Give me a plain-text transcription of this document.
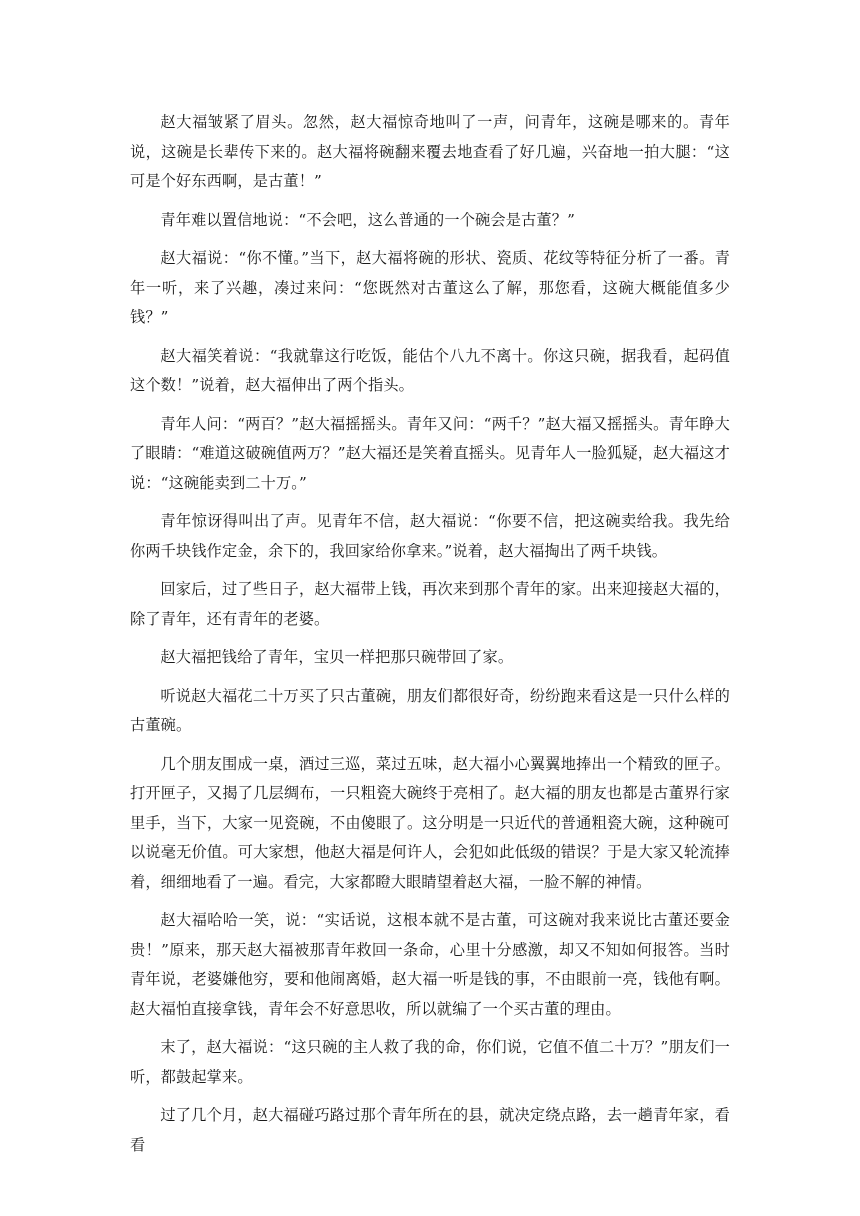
赵大福皱紧了眉头。忽然，赵大福惊奇地叫了一声，问青年，这碗是哪来的。青年说，这碗是长辈传下来的。赵大福将碗翻来覆去地查看了好几遍，兴奋地一拍大腿：“这可是个好东西啊，是古董！”

青年难以置信地说：“不会吧，这么普通的一个碗会是古董？”

赵大福说：“你不懂。”当下，赵大福将碗的形状、瓷质、花纹等特征分析了一番。青年一听，来了兴趣，凑过来问：“您既然对古董这么了解，那您看，这碗大概能值多少钱？”

赵大福笑着说：“我就靠这行吃饭，能估个八九不离十。你这只碗，据我看，起码值这个数！”说着，赵大福伸出了两个指头。

青年人问：“两百？”赵大福摇摇头。青年又问：“两千？”赵大福又摇摇头。青年睁大了眼睛：“难道这破碗值两万？”赵大福还是笑着直摇头。见青年人一脸狐疑，赵大福这才说：“这碗能卖到二十万。”

青年惊讶得叫出了声。见青年不信，赵大福说：“你要不信，把这碗卖给我。我先给你两千块钱作定金，余下的，我回家给你拿来。”说着，赵大福掏出了两千块钱。

回家后，过了些日子，赵大福带上钱，再次来到那个青年的家。出来迎接赵大福的，除了青年，还有青年的老婆。

赵大福把钱给了青年，宝贝一样把那只碗带回了家。

听说赵大福花二十万买了只古董碗，朋友们都很好奇，纷纷跑来看这是一只什么样的古董碗。

几个朋友围成一桌，酒过三巡，菜过五味，赵大福小心翼翼地捧出一个精致的匣子。打开匣子，又揭了几层绸布，一只粗瓷大碗终于亮相了。赵大福的朋友也都是古董界行家里手，当下，大家一见瓷碗，不由傻眼了。这分明是一只近代的普通粗瓷大碗，这种碗可以说毫无价值。可大家想，他赵大福是何许人，会犯如此低级的错误？于是大家又轮流捧着，细细地看了一遍。看完，大家都瞪大眼睛望着赵大福，一脸不解的神情。

赵大福哈哈一笑，说：“实话说，这根本就不是古董，可这碗对我来说比古董还要金贵！”原来，那天赵大福被那青年救回一条命，心里十分感激，却又不知如何报答。当时青年说，老婆嫌他穷，要和他闹离婚，赵大福一听是钱的事，不由眼前一亮，钱他有啊。赵大福怕直接拿钱，青年会不好意思收，所以就编了一个买古董的理由。

末了，赵大福说：“这只碗的主人救了我的命，你们说，它值不值二十万？”朋友们一听，都鼓起掌来。

过了几个月，赵大福碰巧路过那个青年所在的县，就决定绕点路，去一趟青年家，看看
